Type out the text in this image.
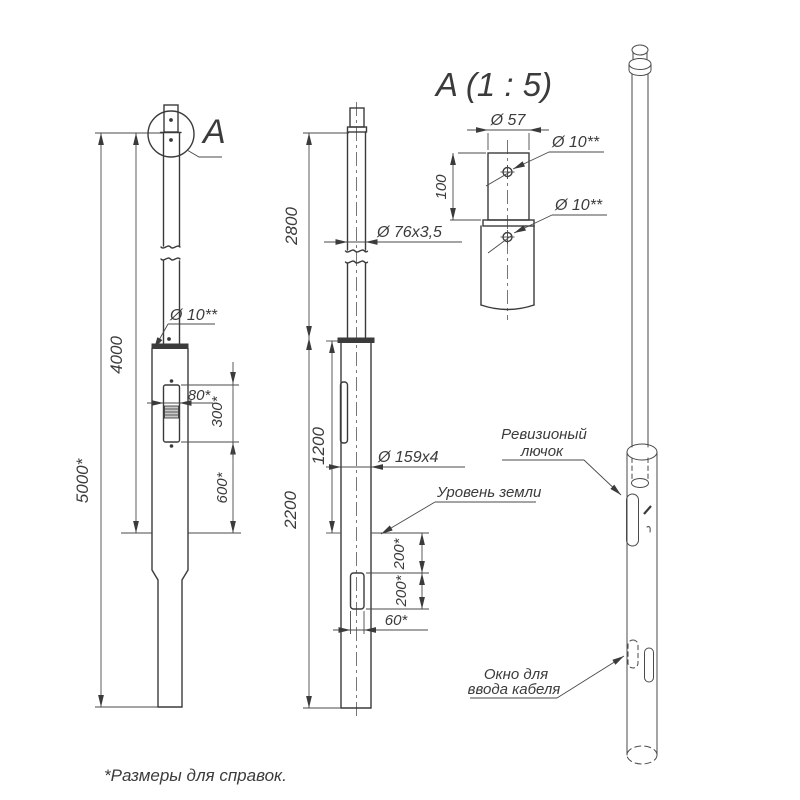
5000*
4000
80*
300*
600*
Ø 10**
A
2800
2200
1200
Ø 76x3,5
Ø 159x4
Уровень земли
200*
200*
60*
A (1 : 5)
Ø 57
100
Ø 10**
Ø 10**
Ревизионый
лючок
Окно для
ввода кабеля
*Размеры для справок.
